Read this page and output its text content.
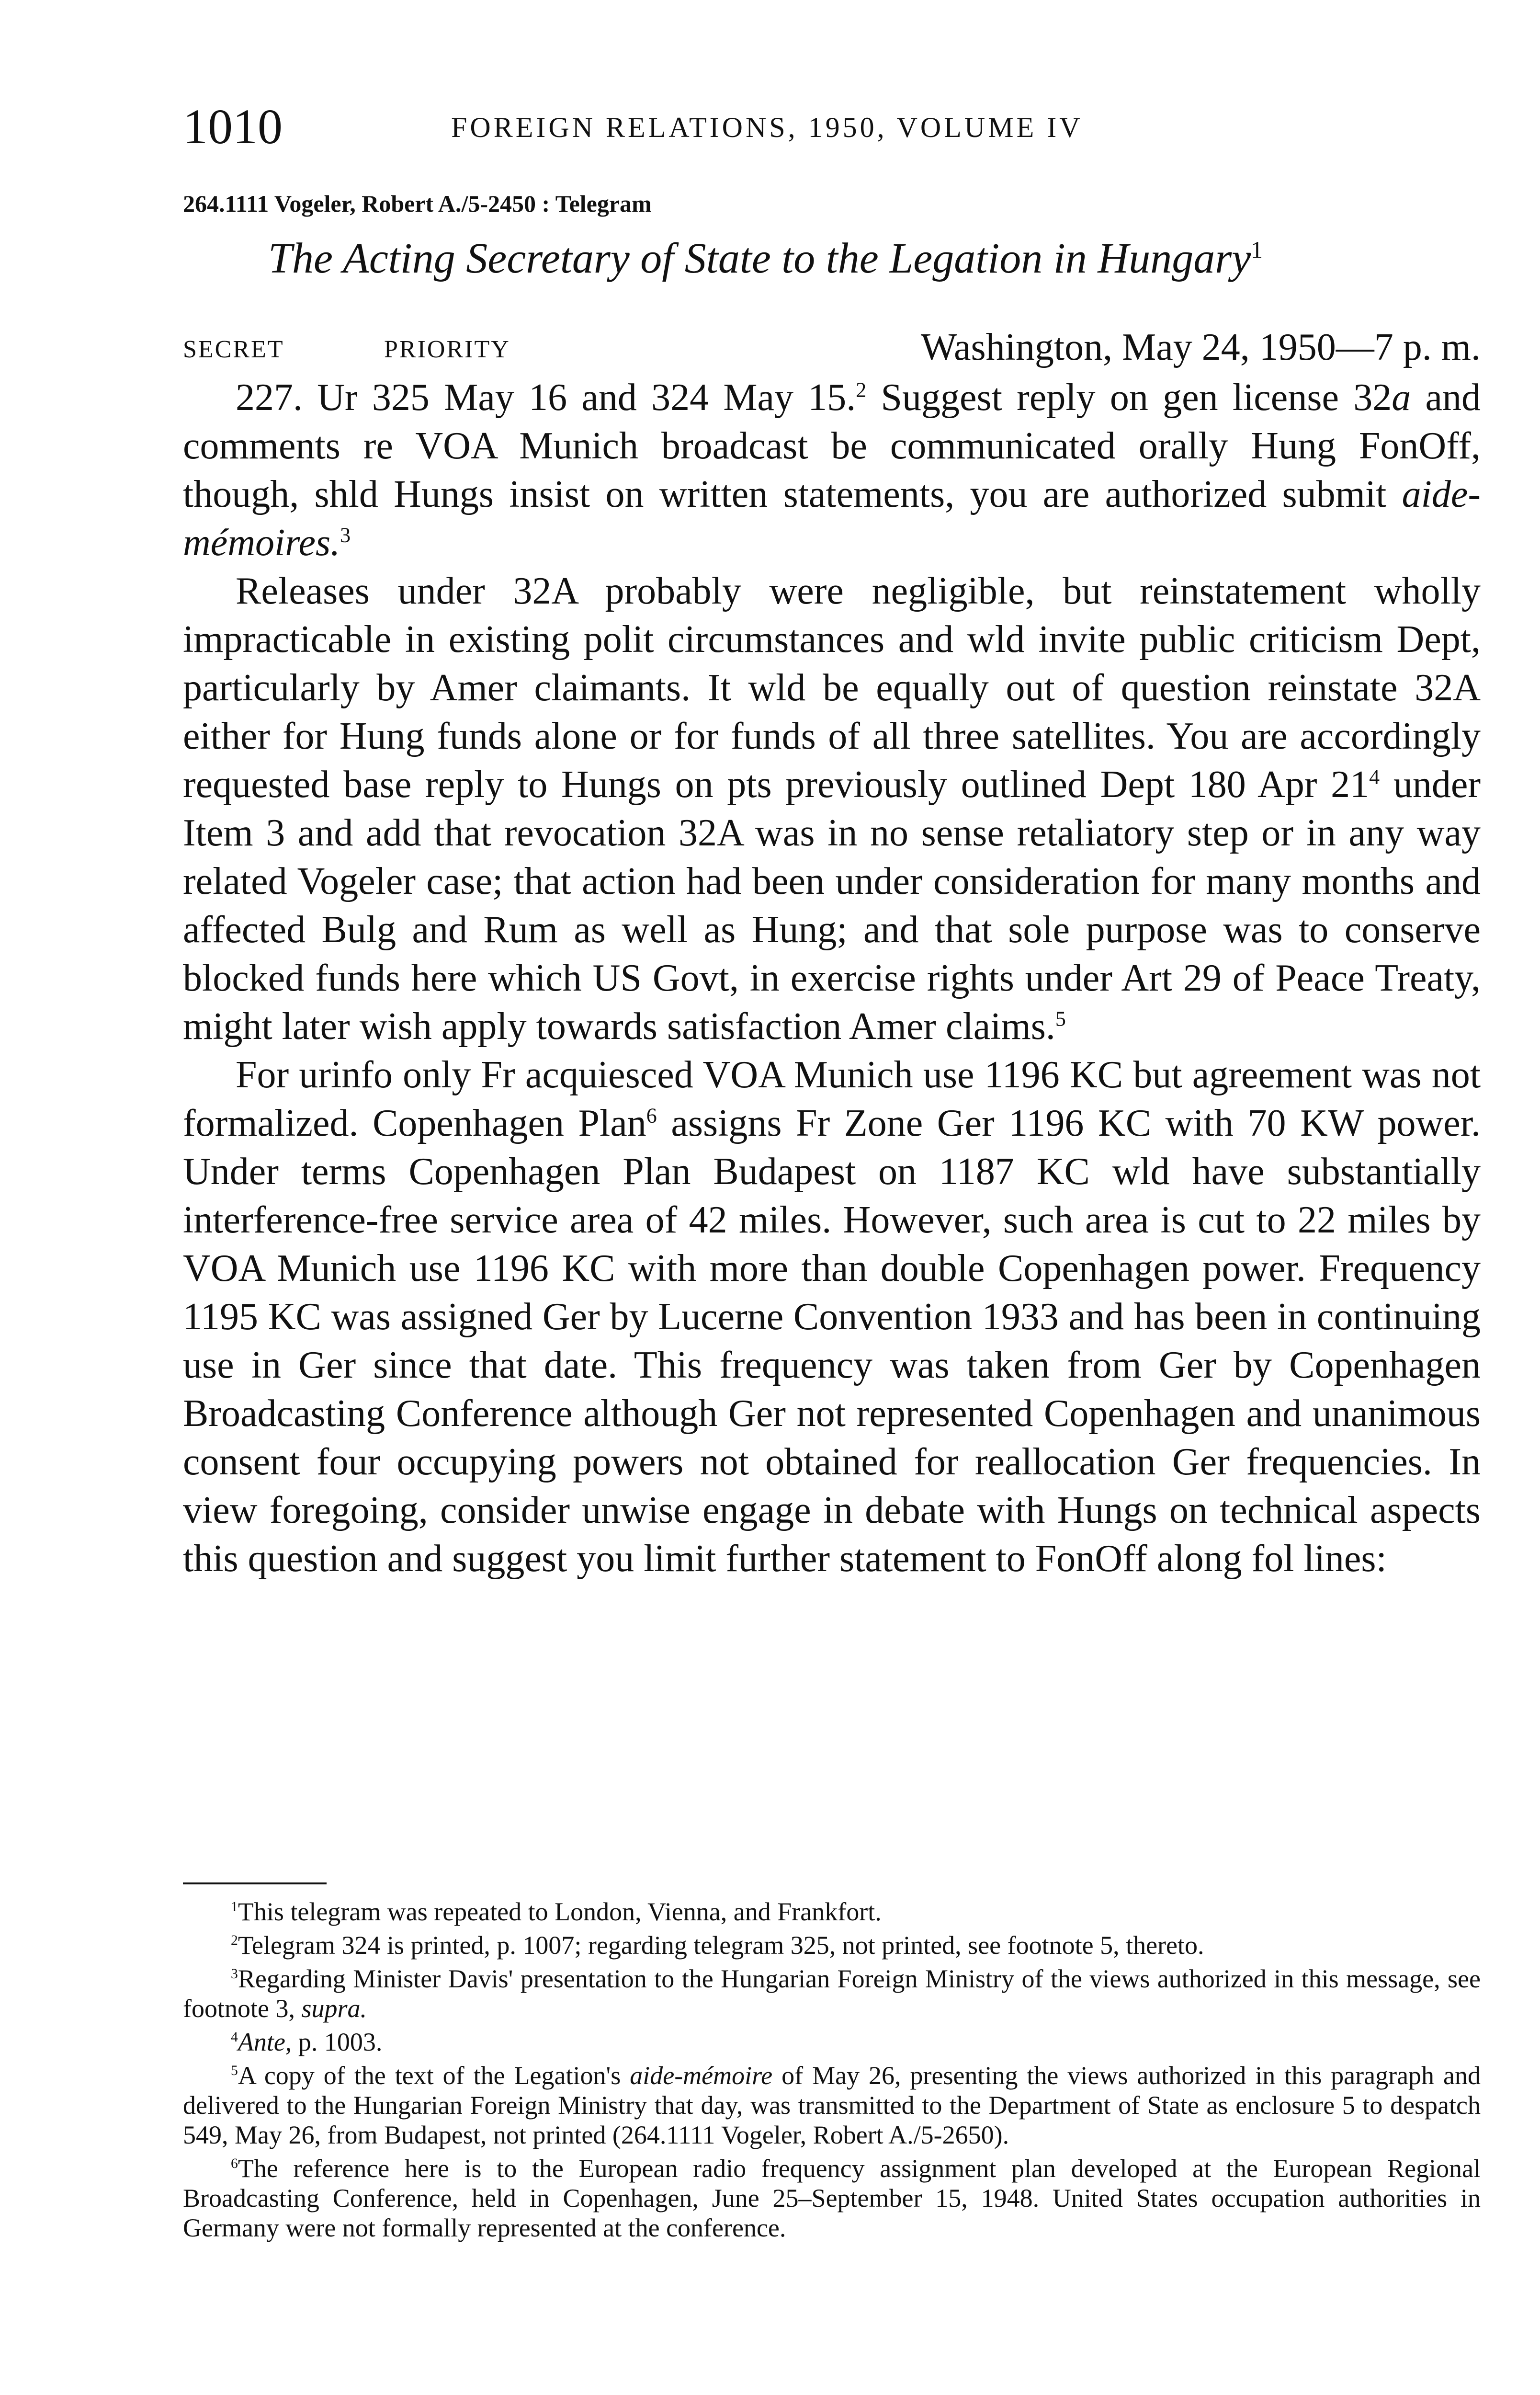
1010	FOREIGN RELATIONS, 1950, VOLUME IV
264.1111 Vogeler, Robert A./5-2450 : Telegram
The Acting Secretary of State to the Legation in Hungary$^1$
SECRET	PRIORITY	Washington, May 24, 1950—7 p. m.

227. Ur 325 May 16 and 324 May 15.$^2$ Suggest reply on gen license 32a and comments re VOA Munich broadcast be communicated orally Hung FonOff, though, shld Hungs insist on written statements, you are authorized submit aide-mémoires.$^3$

Releases under 32A probably were negligible, but reinstatement wholly impracticable in existing polit circumstances and wld invite public criticism Dept, particularly by Amer claimants. It wld be equally out of question reinstate 32A either for Hung funds alone or for funds of all three satellites. You are accordingly requested base reply to Hungs on pts previously outlined Dept 180 Apr 21$^4$ under Item 3 and add that revocation 32A was in no sense retaliatory step or in any way related Vogeler case; that action had been under consideration for many months and affected Bulg and Rum as well as Hung; and that sole purpose was to conserve blocked funds here which US Govt, in exercise rights under Art 29 of Peace Treaty, might later wish apply towards satisfaction Amer claims.$^5$

For urinfo only Fr acquiesced VOA Munich use 1196 KC but agreement was not formalized. Copenhagen Plan$^6$ assigns Fr Zone Ger 1196 KC with 70 KW power. Under terms Copenhagen Plan Budapest on 1187 KC wld have substantially interference-free service area of 42 miles. However, such area is cut to 22 miles by VOA Munich use 1196 KC with more than double Copenhagen power. Frequency 1195 KC was assigned Ger by Lucerne Convention 1933 and has been in continuing use in Ger since that date. This frequency was taken from Ger by Copenhagen Broadcasting Conference although Ger not represented Copenhagen and unanimous consent four occupying powers not obtained for reallocation Ger frequencies. In view foregoing, consider unwise engage in debate with Hungs on technical aspects this question and suggest you limit further statement to FonOff along fol lines:

$^1$This telegram was repeated to London, Vienna, and Frankfort.

$^2$Telegram 324 is printed, p. 1007; regarding telegram 325, not printed, see footnote 5, thereto.

$^3$Regarding Minister Davis' presentation to the Hungarian Foreign Ministry of the views authorized in this message, see footnote 3, supra.

$^4$Ante, p. 1003.

$^5$A copy of the text of the Legation's aide-mémoire of May 26, presenting the views authorized in this paragraph and delivered to the Hungarian Foreign Ministry that day, was transmitted to the Department of State as enclosure 5 to despatch 549, May 26, from Budapest, not printed (264.1111 Vogeler, Robert A./5-2650).

$^6$The reference here is to the European radio frequency assignment plan developed at the European Regional Broadcasting Conference, held in Copenhagen, June 25–September 15, 1948. United States occupation authorities in Germany were not formally represented at the conference.
